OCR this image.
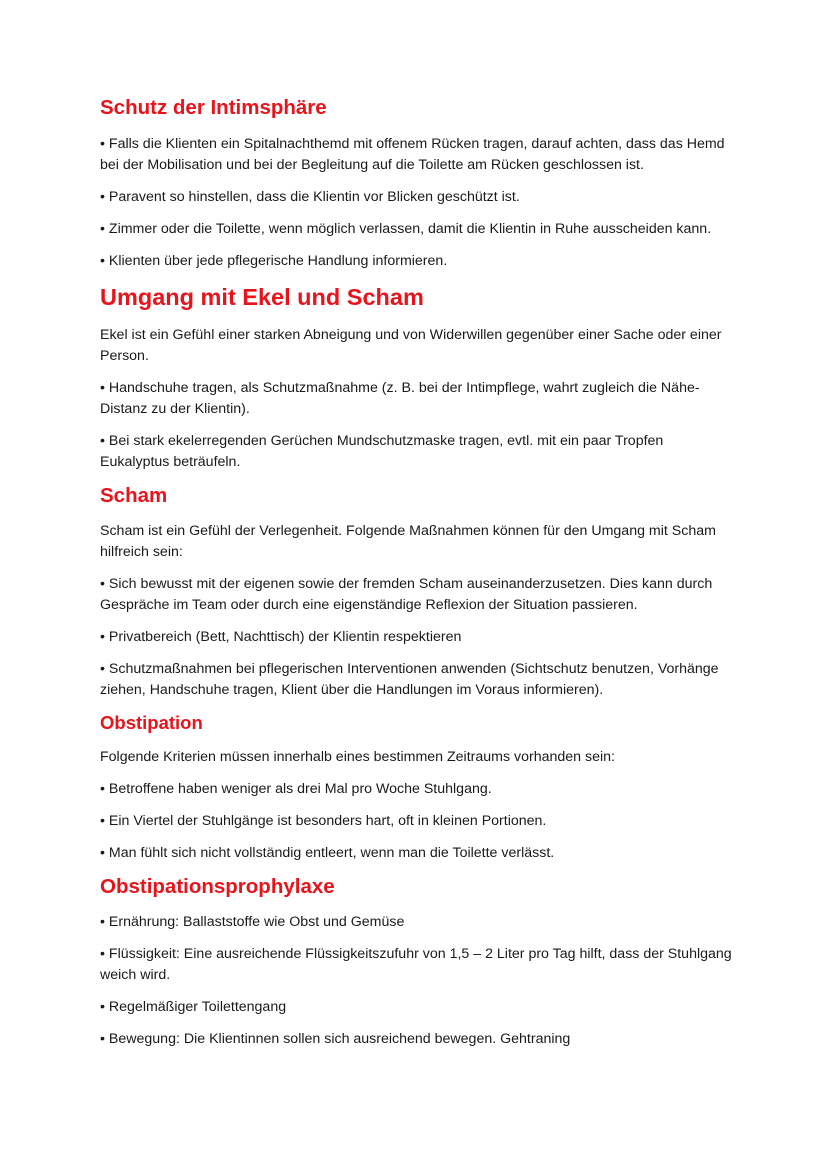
Schutz der Intimsphäre

• Falls die Klienten ein Spitalnachthemd mit offenem Rücken tragen, darauf achten, dass das Hemd bei der Mobilisation und bei der Begleitung auf die Toilette am Rücken geschlossen ist.

• Paravent so hinstellen, dass die Klientin vor Blicken geschützt ist.

• Zimmer oder die Toilette, wenn möglich verlassen, damit die Klientin in Ruhe ausscheiden kann.

• Klienten über jede pflegerische Handlung informieren.

Umgang mit Ekel und Scham

Ekel ist ein Gefühl einer starken Abneigung und von Widerwillen gegenüber einer Sache oder einer Person.

• Handschuhe tragen, als Schutzmaßnahme (z. B. bei der Intimpflege, wahrt zugleich die Nähe-Distanz zu der Klientin).

• Bei stark ekelerregenden Gerüchen Mundschutzmaske tragen, evtl. mit ein paar Tropfen Eukalyptus beträufeln.

Scham

Scham ist ein Gefühl der Verlegenheit. Folgende Maßnahmen können für den Umgang mit Scham hilfreich sein:

• Sich bewusst mit der eigenen sowie der fremden Scham auseinanderzusetzen. Dies kann durch Gespräche im Team oder durch eine eigenständige Reflexion der Situation passieren.

• Privatbereich (Bett, Nachttisch) der Klientin respektieren

• Schutzmaßnahmen bei pflegerischen Interventionen anwenden (Sichtschutz benutzen, Vorhänge ziehen, Handschuhe tragen, Klient über die Handlungen im Voraus informieren).

Obstipation

Folgende Kriterien müssen innerhalb eines bestimmen Zeitraums vorhanden sein:

• Betroffene haben weniger als drei Mal pro Woche Stuhlgang.

• Ein Viertel der Stuhlgänge ist besonders hart, oft in kleinen Portionen.

• Man fühlt sich nicht vollständig entleert, wenn man die Toilette verlässt.

Obstipationsprophylaxe

• Ernährung: Ballaststoffe wie Obst und Gemüse

• Flüssigkeit: Eine ausreichende Flüssigkeitszufuhr von 1,5 – 2 Liter pro Tag hilft, dass der Stuhlgang weich wird.

• Regelmäßiger Toilettengang

• Bewegung: Die Klientinnen sollen sich ausreichend bewegen. Gehtraning
